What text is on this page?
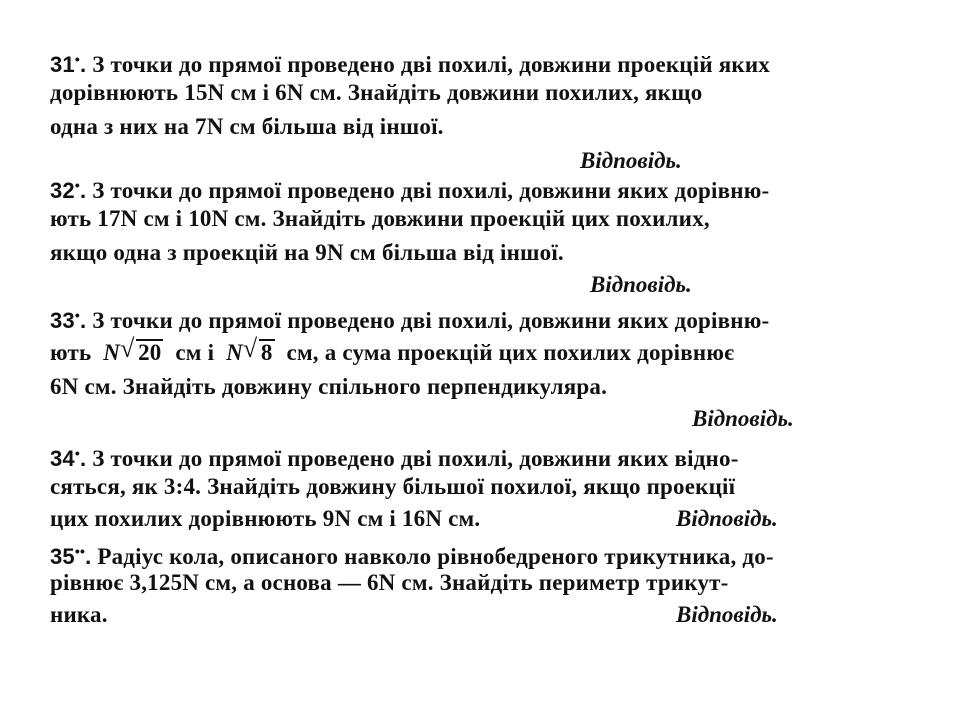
31•. З точки до прямої проведено дві похилі, довжини проекцій яких
дорівнюють 15N см і 6N см. Знайдіть довжини похилих, якщо
одна з них на 7N см більша від іншої.
Відповідь.
32•. З точки до прямої проведено дві похилі, довжини яких дорівню-
ють 17N см і 10N см. Знайдіть довжини проекцій цих похилих,
якщо одна з проекцій на 9N см більша від іншої.
Відповідь.
33•. З точки до прямої проведено дві похилі, довжини яких дорівню-
ють N √ 20 см і N √ 8 см, а сума проекцій цих похилих дорівнює
6N см. Знайдіть довжину спільного перпендикуляра.
Відповідь.
34•. З точки до прямої проведено дві похилі, довжини яких відно-
сяться, як 3:4. Знайдіть довжину більшої похилої, якщо проекції
цих похилих дорівнюють 9N см і 16N см.	Відповідь.
35••. Радіус кола, описаного навколо рівнобедреного трикутника, до-
рівнює 3,125N см, а основа — 6N см. Знайдіть периметр трикут-
ника.	Відповідь.
